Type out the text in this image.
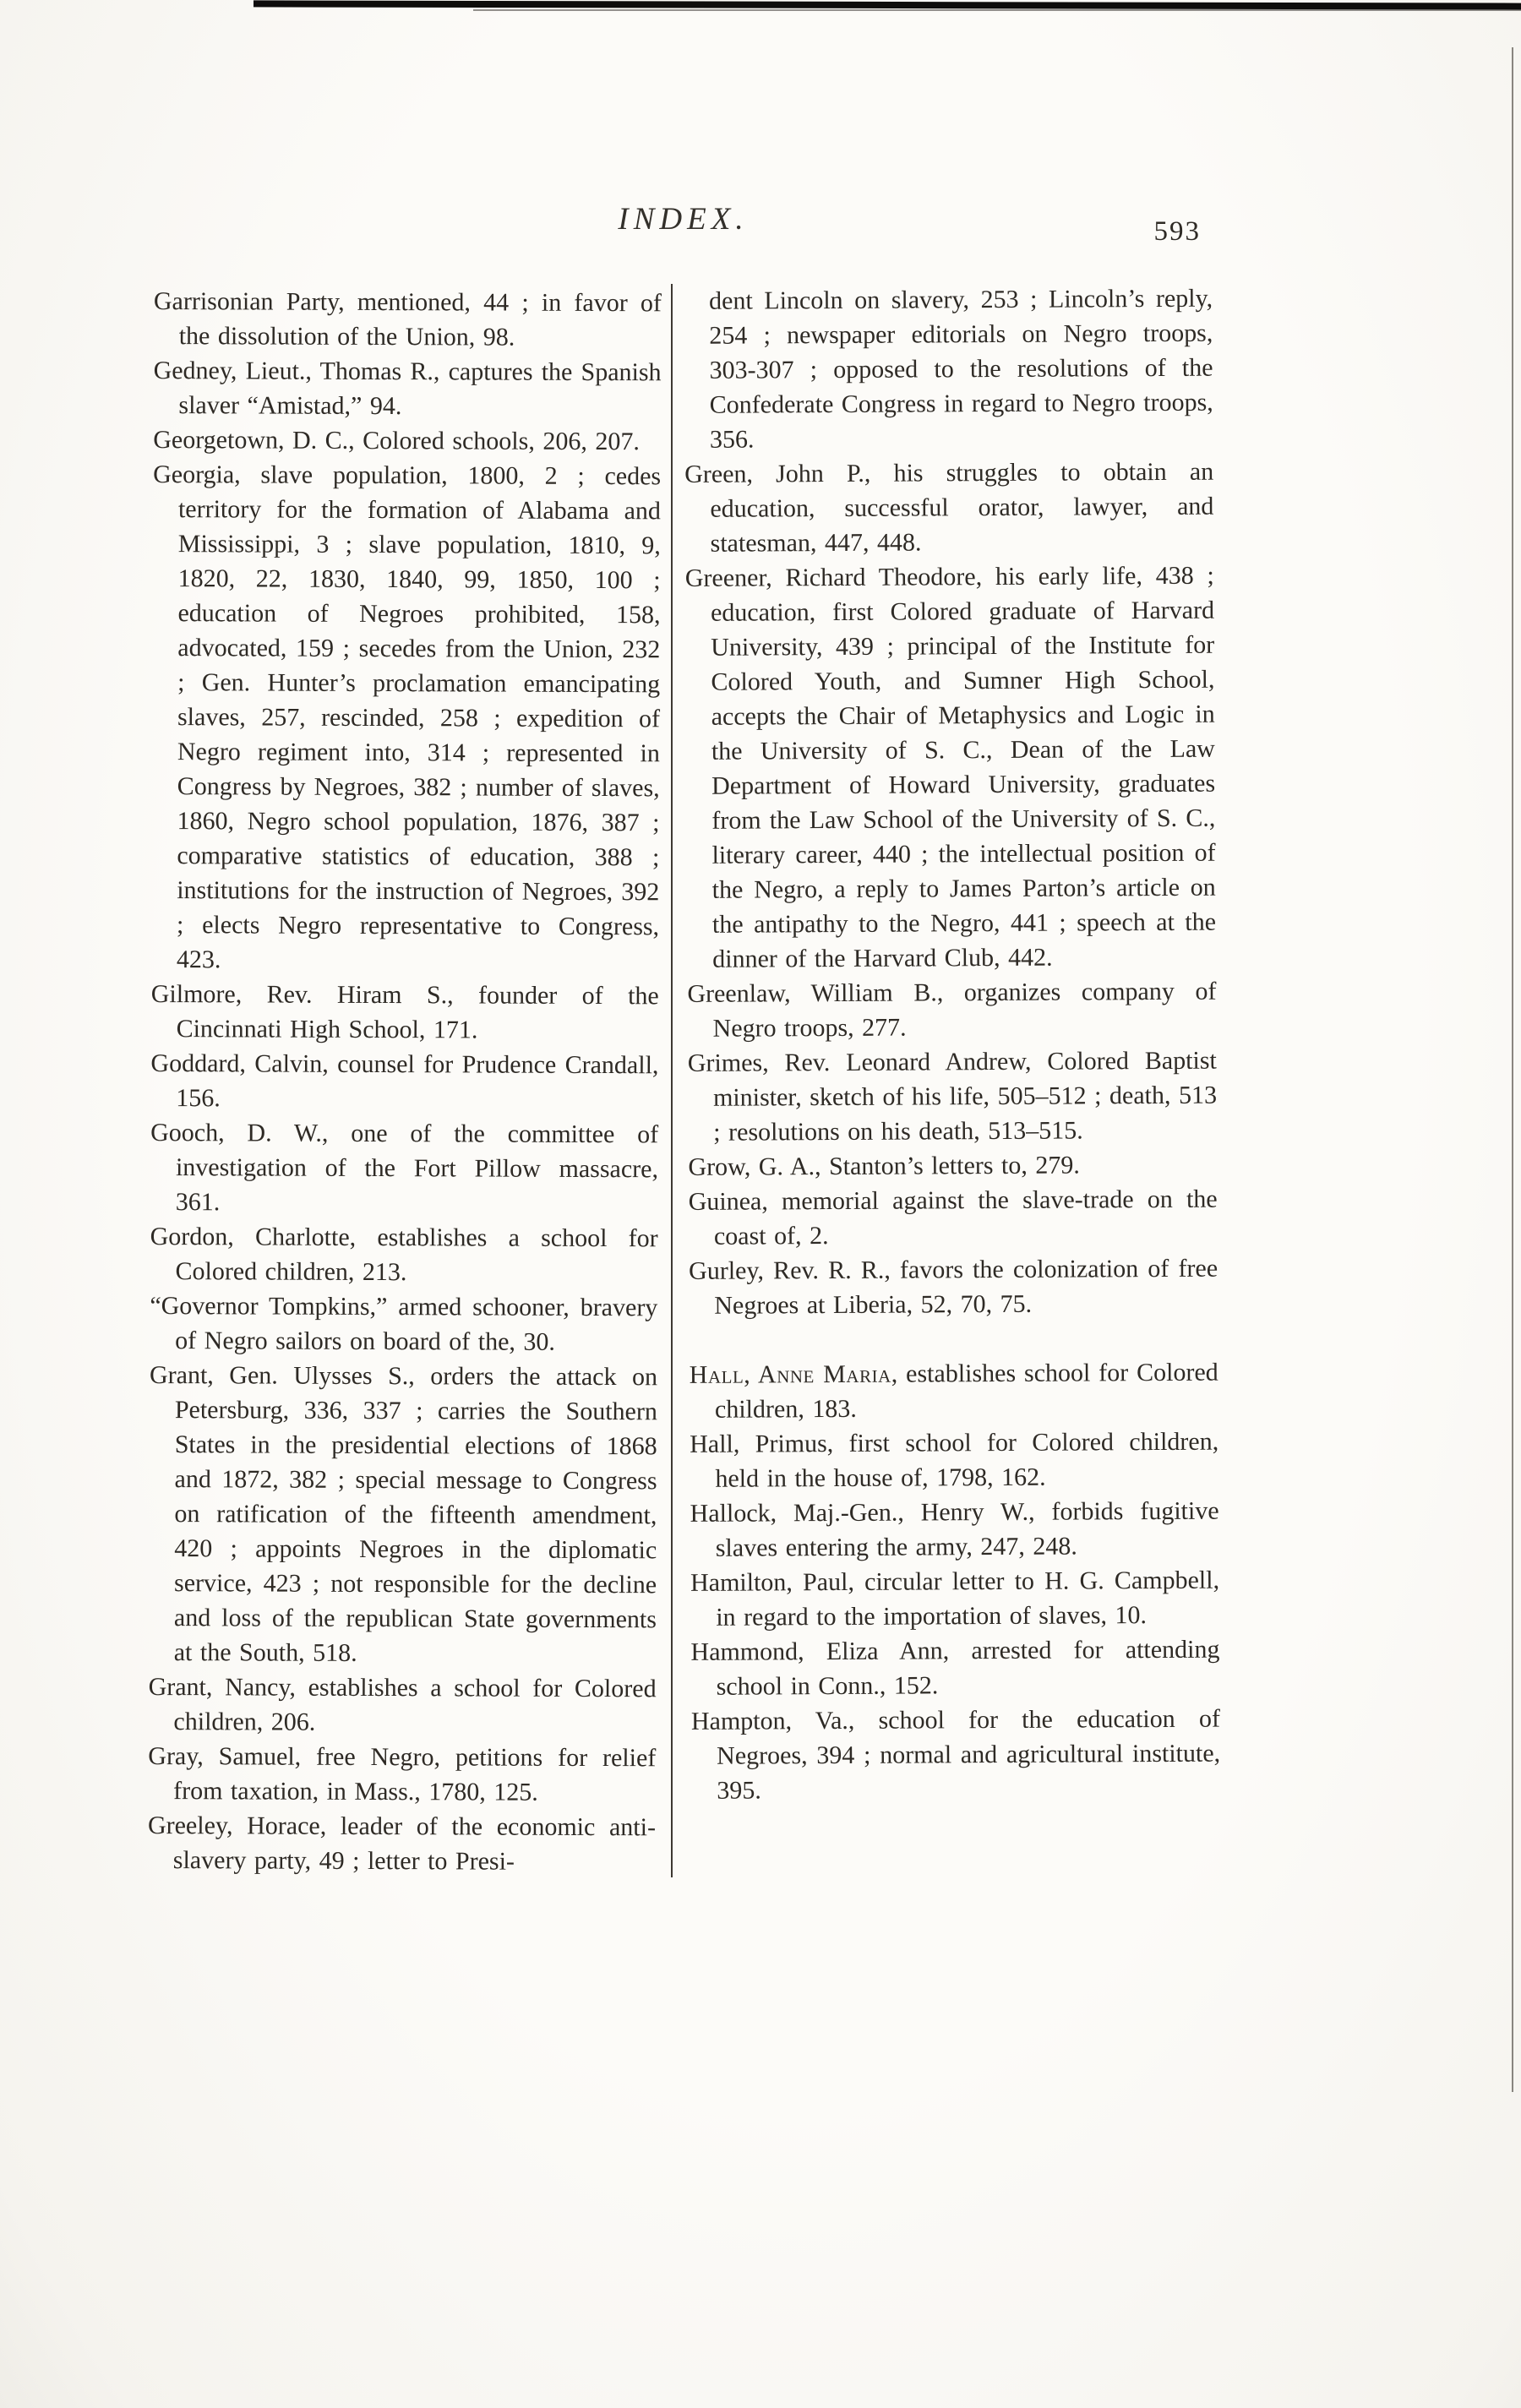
INDEX.	593

Garrisonian Party, mentioned, 44 ; in favor of the dissolution of the Union, 98.

Gedney, Lieut., Thomas R., captures the Spanish slaver “Amistad,” 94.

Georgetown, D. C., Colored schools, 206, 207.

Georgia, slave population, 1800, 2 ; cedes territory for the formation of Alabama and Mississippi, 3 ; slave population, 1810, 9, 1820, 22, 1830, 1840, 99, 1850, 100 ; education of Negroes prohibited, 158, advocated, 159 ; secedes from the Union, 232 ; Gen. Hunter’s proclamation emancipating slaves, 257, rescinded, 258 ; expedition of Negro regiment into, 314 ; represented in Congress by Negroes, 382 ; number of slaves, 1860, Negro school population, 1876, 387 ; comparative statistics of education, 388 ; institutions for the instruction of Negroes, 392 ; elects Negro representative to Congress, 423.

Gilmore, Rev. Hiram S., founder of the Cincinnati High School, 171.

Goddard, Calvin, counsel for Prudence Crandall, 156.

Gooch, D. W., one of the committee of investigation of the Fort Pillow massacre, 361.

Gordon, Charlotte, establishes a school for Colored children, 213.

“Governor Tompkins,” armed schooner, bravery of Negro sailors on board of the, 30.

Grant, Gen. Ulysses S., orders the attack on Petersburg, 336, 337 ; carries the Southern States in the presidential elections of 1868 and 1872, 382 ; special message to Congress on ratification of the fifteenth amendment, 420 ; appoints Negroes in the diplomatic service, 423 ; not responsible for the decline and loss of the republican State governments at the South, 518.

Grant, Nancy, establishes a school for Colored children, 206.

Gray, Samuel, free Negro, petitions for relief from taxation, in Mass., 1780, 125.

Greeley, Horace, leader of the economic anti-slavery party, 49 ; letter to Presi-

dent Lincoln on slavery, 253 ; Lincoln’s reply, 254 ; newspaper editorials on Negro troops, 303-307 ; opposed to the resolutions of the Confederate Congress in regard to Negro troops, 356.

Green, John P., his struggles to obtain an education, successful orator, lawyer, and statesman, 447, 448.

Greener, Richard Theodore, his early life, 438 ; education, first Colored graduate of Harvard University, 439 ; principal of the Institute for Colored Youth, and Sumner High School, accepts the Chair of Metaphysics and Logic in the University of S. C., Dean of the Law Department of Howard University, graduates from the Law School of the University of S. C., literary career, 440 ; the intellectual position of the Negro, a reply to James Parton’s article on the antipathy to the Negro, 441 ; speech at the dinner of the Harvard Club, 442.

Greenlaw, William B., organizes company of Negro troops, 277.

Grimes, Rev. Leonard Andrew, Colored Baptist minister, sketch of his life, 505–512 ; death, 513 ; resolutions on his death, 513–515.

Grow, G. A., Stanton’s letters to, 279.

Guinea, memorial against the slave-trade on the coast of, 2.

Gurley, Rev. R. R., favors the colonization of free Negroes at Liberia, 52, 70, 75.

Hall, Anne Maria, establishes school for Colored children, 183.

Hall, Primus, first school for Colored children, held in the house of, 1798, 162.

Hallock, Maj.-Gen., Henry W., forbids fugitive slaves entering the army, 247, 248.

Hamilton, Paul, circular letter to H. G. Campbell, in regard to the importation of slaves, 10.

Hammond, Eliza Ann, arrested for attending school in Conn., 152.

Hampton, Va., school for the education of Negroes, 394 ; normal and agricultural institute, 395.
